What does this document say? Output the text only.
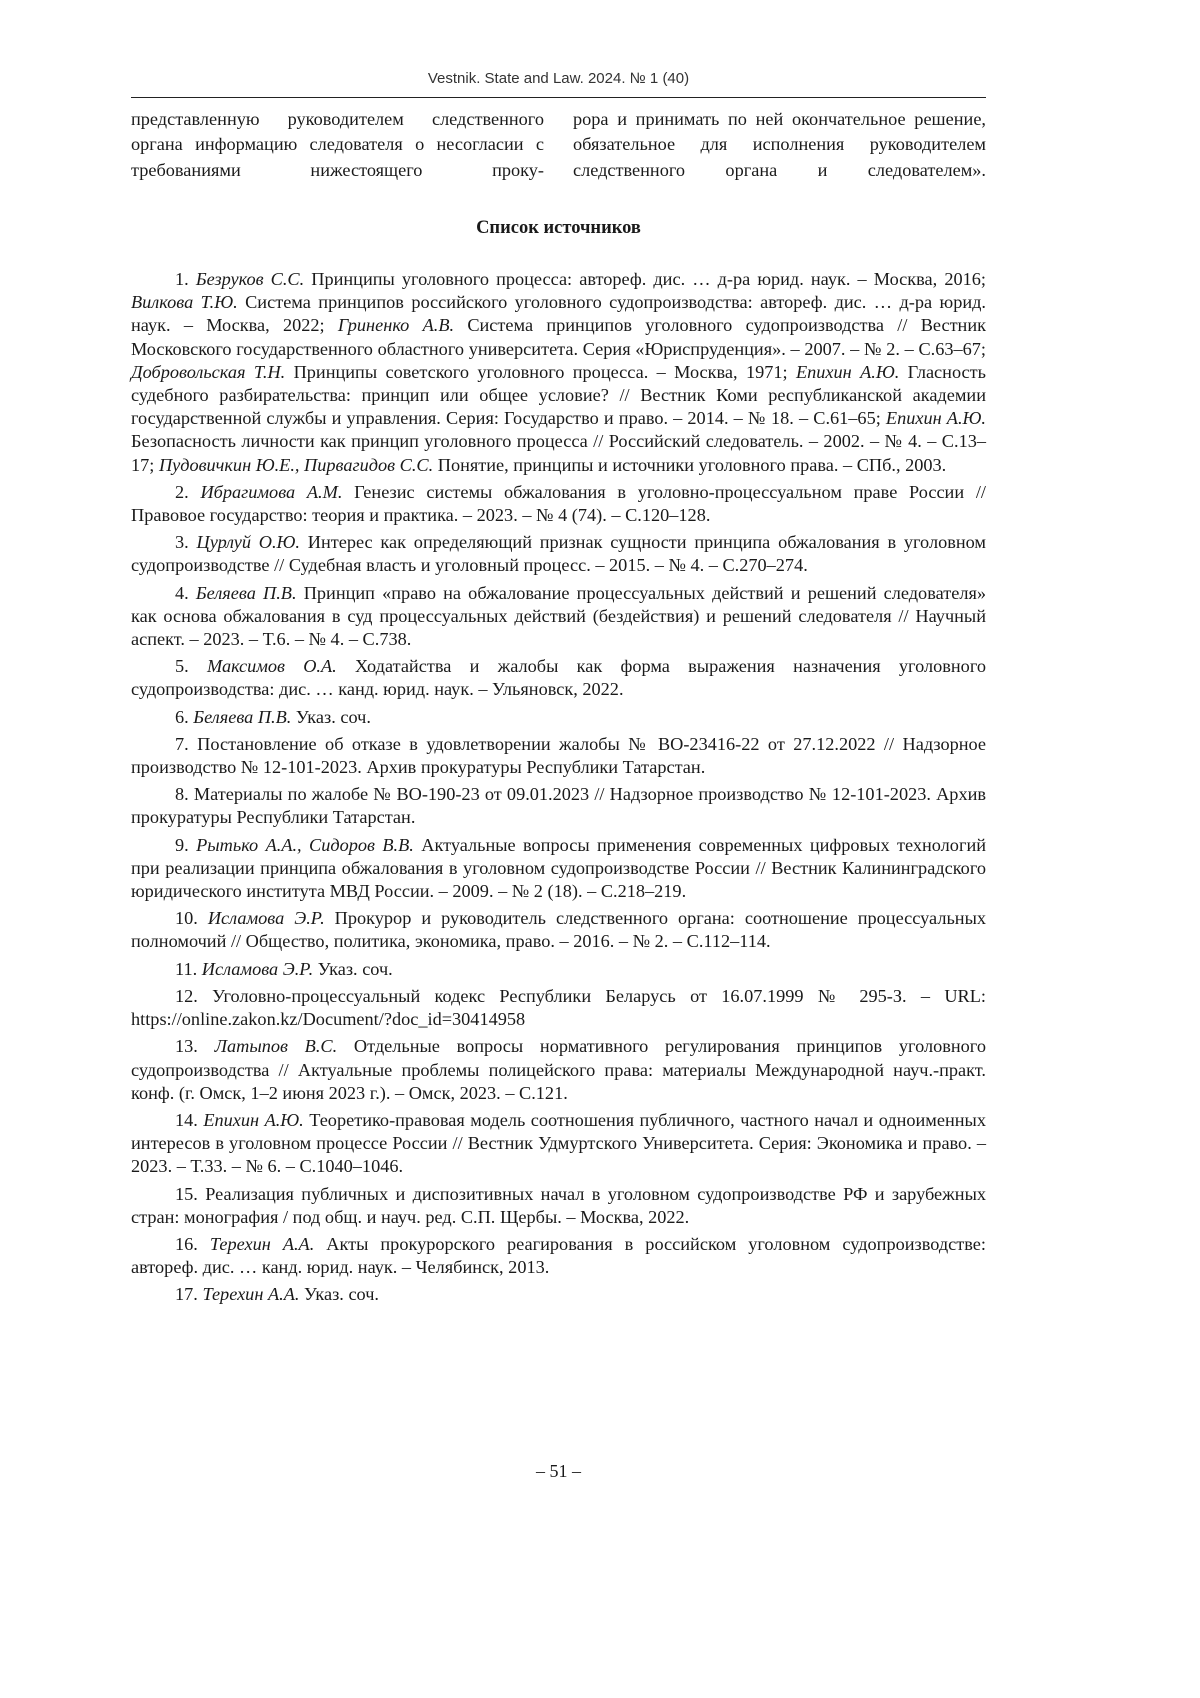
Vestnik. State and Law. 2024. № 1 (40)
представленную руководителем следственного органа информацию следователя о несогласии с требованиями нижестоящего проку-
рора и принимать по ней окончательное решение, обязательное для исполнения руководителем следственного органа и следователем».
Список источников

1. Безруков С.С. Принципы уголовного процесса: автореф. дис. … д-ра юрид. наук. – Москва, 2016; Вилкова Т.Ю. Система принципов российского уголовного судопроизводства: автореф. дис. … д-ра юрид. наук. – Москва, 2022; Гриненко А.В. Система принципов уголовного судопроизводства // Вестник Московского государственного областного университета. Серия «Юриспруденция». – 2007. – № 2. – С.63–67; Добровольская Т.Н. Принципы советского уголовного процесса. – Москва, 1971; Епихин А.Ю. Гласность судебного разбирательства: принцип или общее условие? // Вестник Коми республиканской академии государственной службы и управления. Серия: Государство и право. – 2014. – № 18. – С.61–65; Епихин А.Ю. Безопасность личности как принцип уголовного процесса // Российский следователь. – 2002. – № 4. – С.13–17; Пудовичкин Ю.Е., Пирвагидов С.С. Понятие, принципы и источники уголовного права. – СПб., 2003.

2. Ибрагимова А.М. Генезис системы обжалования в уголовно-процессуальном праве России // Правовое государство: теория и практика. – 2023. – № 4 (74). – С.120–128.

3. Цурлуй О.Ю. Интерес как определяющий признак сущности принципа обжалования в уголовном судопроизводстве // Судебная власть и уголовный процесс. – 2015. – № 4. – С.270–274.

4. Беляева П.В. Принцип «право на обжалование процессуальных действий и решений следователя» как основа обжалования в суд процессуальных действий (бездействия) и решений следователя // Научный аспект. – 2023. – Т.6. – № 4. – С.738.

5. Максимов О.А. Ходатайства и жалобы как форма выражения назначения уголовного судопроизводства: дис. … канд. юрид. наук. – Ульяновск, 2022.

6. Беляева П.В. Указ. соч.

7. Постановление об отказе в удовлетворении жалобы № ВО-23416-22 от 27.12.2022 // Надзорное производство № 12-101-2023. Архив прокуратуры Республики Татарстан.

8. Материалы по жалобе № ВО-190-23 от 09.01.2023 // Надзорное производство № 12-101-2023. Архив прокуратуры Республики Татарстан.

9. Рытько А.А., Сидоров В.В. Актуальные вопросы применения современных цифровых технологий при реализации принципа обжалования в уголовном судопроизводстве России // Вестник Калининградского юридического института МВД России. – 2009. – № 2 (18). – С.218–219.

10. Исламова Э.Р. Прокурор и руководитель следственного органа: соотношение процессуальных полномочий // Общество, политика, экономика, право. – 2016. – № 2. – С.112–114.

11. Исламова Э.Р. Указ. соч.

12. Уголовно-процессуальный кодекс Республики Беларусь от 16.07.1999 № 295-З. – URL: https://online.zakon.kz/Document/?doc_id=30414958

13. Латыпов В.С. Отдельные вопросы нормативного регулирования принципов уголовного судопроизводства // Актуальные проблемы полицейского права: материалы Международной науч.-практ. конф. (г. Омск, 1–2 июня 2023 г.). – Омск, 2023. – С.121.

14. Епихин А.Ю. Теоретико-правовая модель соотношения публичного, частного начал и одноименных интересов в уголовном процессе России // Вестник Удмуртского Университета. Серия: Экономика и право. – 2023. – Т.33. – № 6. – С.1040–1046.

15. Реализация публичных и диспозитивных начал в уголовном судопроизводстве РФ и зарубежных стран: монография / под общ. и науч. ред. С.П. Щербы. – Москва, 2022.

16. Терехин А.А. Акты прокурорского реагирования в российском уголовном судопроизводстве: автореф. дис. … канд. юрид. наук. – Челябинск, 2013.

17. Терехин А.А. Указ. соч.

– 51 –
